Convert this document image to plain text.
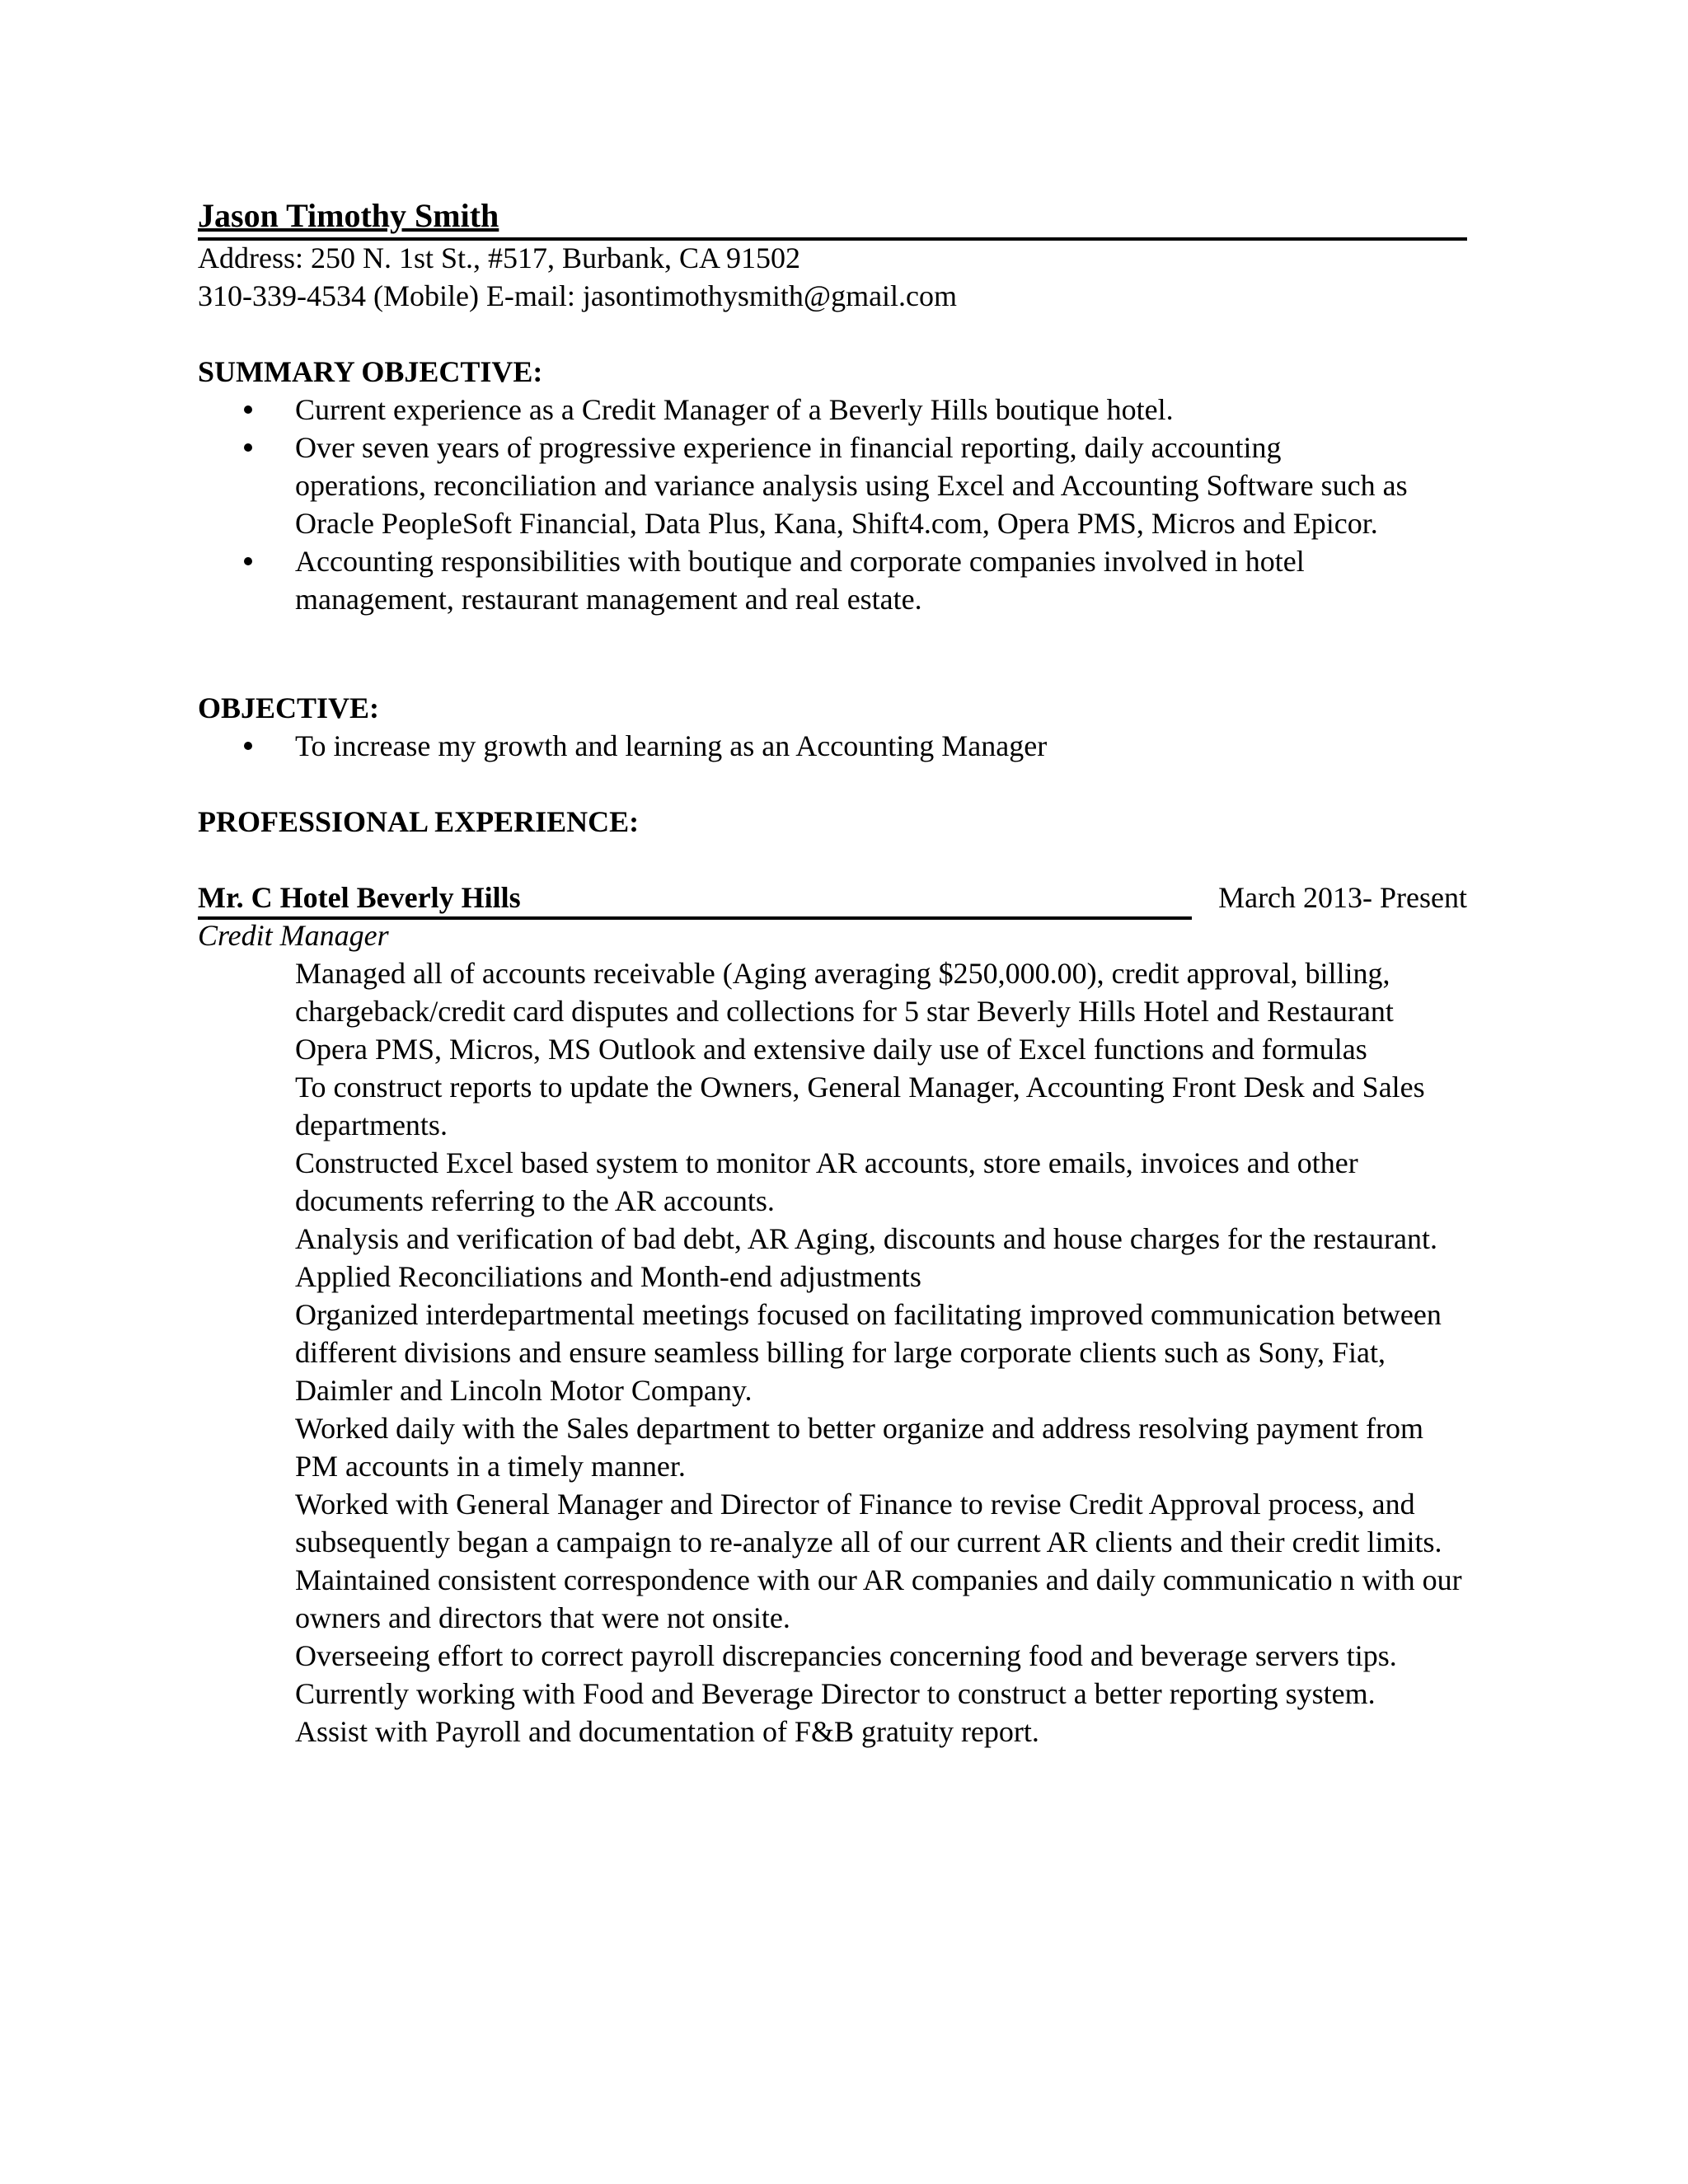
Jason Timothy Smith
Address: 250 N. 1st St., #517, Burbank, CA 91502
310-339-4534 (Mobile) E-mail: jasontimothysmith@gmail.com
SUMMARY OBJECTIVE:
Current experience as a Credit Manager of a Beverly Hills boutique hotel.
Over seven years of progressive experience in financial reporting, daily accounting operations, reconciliation and variance analysis using Excel and Accounting Software such as Oracle PeopleSoft Financial, Data Plus, Kana, Shift4.com, Opera PMS, Micros and Epicor.
Accounting responsibilities with boutique and corporate companies involved in hotel management, restaurant management and real estate.
OBJECTIVE:
To increase my growth and learning as an Accounting Manager
PROFESSIONAL EXPERIENCE:
Mr. C Hotel Beverly Hills	March 2013- Present
Credit Manager

Managed all of accounts receivable (Aging averaging $250,000.00), credit approval, billing, chargeback/credit card disputes and collections for 5 star Beverly Hills Hotel and Restaurant

Opera PMS, Micros, MS Outlook and extensive daily use of Excel functions and formulas

To construct reports to update the Owners, General Manager, Accounting Front Desk and Sales departments.

Constructed Excel based system to monitor AR accounts, store emails, invoices and other documents referring to the AR accounts.

Analysis and verification of bad debt, AR Aging, discounts and house charges for the restaurant.

Applied Reconciliations and Month-end adjustments

Organized interdepartmental meetings focused on facilitating improved communication between different divisions and ensure seamless billing for large corporate clients such as Sony, Fiat, Daimler and Lincoln Motor Company.

Worked daily with the Sales department to better organize and address resolving payment from PM accounts in a timely manner.

Worked with General Manager and Director of Finance to revise Credit Approval process, and subsequently began a campaign to re-analyze all of our current AR clients and their credit limits.

Maintained consistent correspondence with our AR companies and daily communicatio n with our owners and directors that were not onsite.

Overseeing effort to correct payroll discrepancies concerning food and beverage servers tips. Currently working with Food and Beverage Director to construct a better reporting system.

Assist with Payroll and documentation of F&B gratuity report.
